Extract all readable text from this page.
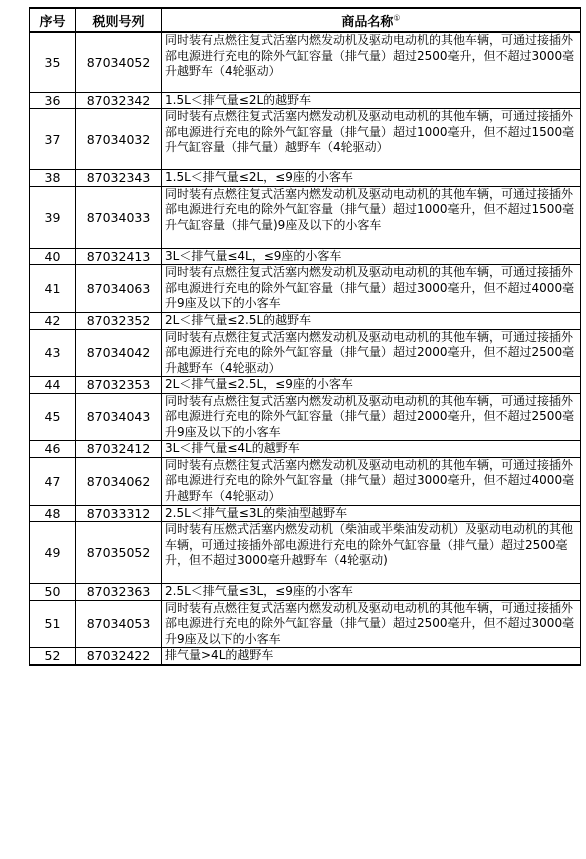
序号	税则号列	商品名称①
35	87034052	同时装有点燃往复式活塞内燃发动机及驱动电动机的其他车辆，可通过接插外部电源进行充电的除外气缸容量（排气量）超过2500毫升，但不超过3000毫升越野车（4轮驱动）
36	87032342	1.5L＜排气量≤2L的越野车
37	87034032	同时装有点燃往复式活塞内燃发动机及驱动电动机的其他车辆，可通过接插外部电源进行充电的除外气缸容量（排气量）超过1000毫升，但不超过1500毫升气缸容量（排气量）越野车（4轮驱动）
38	87032343	1.5L＜排气量≤2L，≤9座的小客车
39	87034033	同时装有点燃往复式活塞内燃发动机及驱动电动机的其他车辆，可通过接插外部电源进行充电的除外气缸容量（排气量）超过1000毫升，但不超过1500毫升气缸容量（排气量)9座及以下的小客车
40	87032413	3L＜排气量≤4L，≤9座的小客车
41	87034063	同时装有点燃往复式活塞内燃发动机及驱动电动机的其他车辆，可通过接插外部电源进行充电的除外气缸容量（排气量）超过3000毫升，但不超过4000毫升9座及以下的小客车
42	87032352	2L＜排气量≤2.5L的越野车
43	87034042	同时装有点燃往复式活塞内燃发动机及驱动电动机的其他车辆，可通过接插外部电源进行充电的除外气缸容量（排气量）超过2000毫升，但不超过2500毫升越野车（4轮驱动）
44	87032353	2L＜排气量≤2.5L，≤9座的小客车
45	87034043	同时装有点燃往复式活塞内燃发动机及驱动电动机的其他车辆，可通过接插外部电源进行充电的除外气缸容量（排气量）超过2000毫升，但不超过2500毫升9座及以下的小客车
46	87032412	3L＜排气量≤4L的越野车
47	87034062	同时装有点燃往复式活塞内燃发动机及驱动电动机的其他车辆，可通过接插外部电源进行充电的除外气缸容量（排气量）超过3000毫升，但不超过4000毫升越野车（4轮驱动）
48	87033312	2.5L＜排气量≤3L的柴油型越野车
49	87035052	同时装有压燃式活塞内燃发动机（柴油或半柴油发动机）及驱动电动机的其他车辆，可通过接插外部电源进行充电的除外气缸容量（排气量）超过2500毫升，但不超过3000毫升越野车（4轮驱动)
50	87032363	2.5L＜排气量≤3L，≤9座的小客车
51	87034053	同时装有点燃往复式活塞内燃发动机及驱动电动机的其他车辆，可通过接插外部电源进行充电的除外气缸容量（排气量）超过2500毫升，但不超过3000毫升9座及以下的小客车
52	87032422	排气量>4L的越野车
